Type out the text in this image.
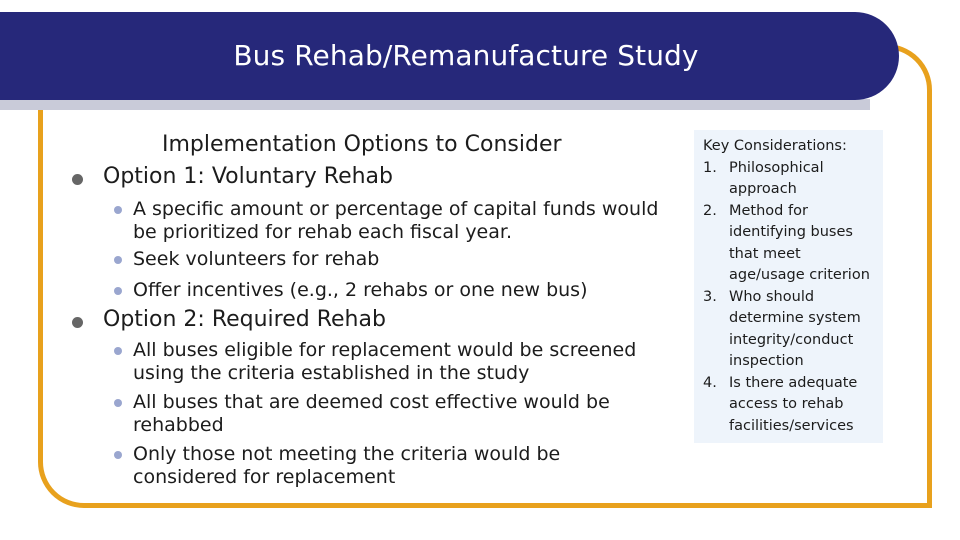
Bus Rehab/Remanufacture Study
Implementation Options to Consider
Option 1: Voluntary Rehab
A specific amount or percentage of capital funds would be prioritized for rehab each fiscal year.
Seek volunteers for rehab
Offer incentives (e.g., 2 rehabs or one new bus)
Option 2: Required Rehab
All buses eligible for replacement would be screened using the criteria established in the study
All buses that are deemed cost effective would be rehabbed
Only those not meeting the criteria would be considered for replacement
Key Considerations:
1. Philosophical approach
2. Method for identifying buses that meet age/usage criterion
3. Who should determine system integrity/conduct inspection
4. Is there adequate access to rehab facilities/services
